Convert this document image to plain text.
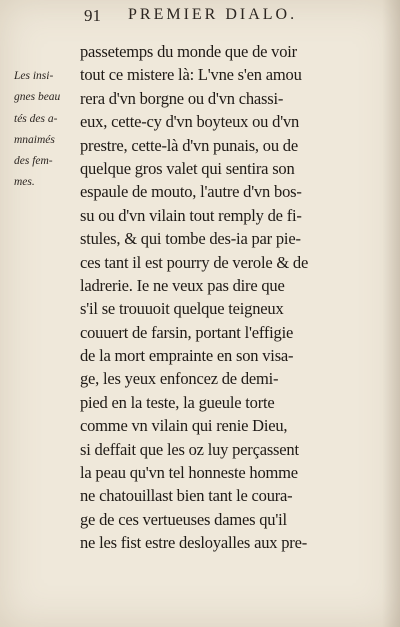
91 PREMIER DIALO.
Les insi-
gnes beau
tés des a-
mnaimés
des fem-
mes.
passetemps du monde que de voir
tout ce mistere là: L'vne s'en amou
rera d'vn borgne ou d'vn chassi-
eux, cette-cy d'vn boyteux ou d'vn
prestre, cette-là d'vn punais, ou de
quelque gros valet qui sentira son
espaule de mouto, l'autre d'vn bos-
su ou d'vn vilain tout remply de fi-
stules, & qui tombe des-ia par pie-
ces tant il est pourry de verole & de
ladrerie. Ie ne veux pas dire que
s'il se trouuoit quelque teigneux
couuert de farsin, portant l'effigie
de la mort emprainte en son visa-
ge, les yeux enfoncez de demi-
pied en la teste, la gueule torte
comme vn vilain qui renie Dieu,
si deffait que les oz luy perçassent
la peau qu'vn tel honneste homme
ne chatouillast bien tant le coura-
ge de ces vertueuses dames qu'il
ne les fist estre desloyalles aux pre-
